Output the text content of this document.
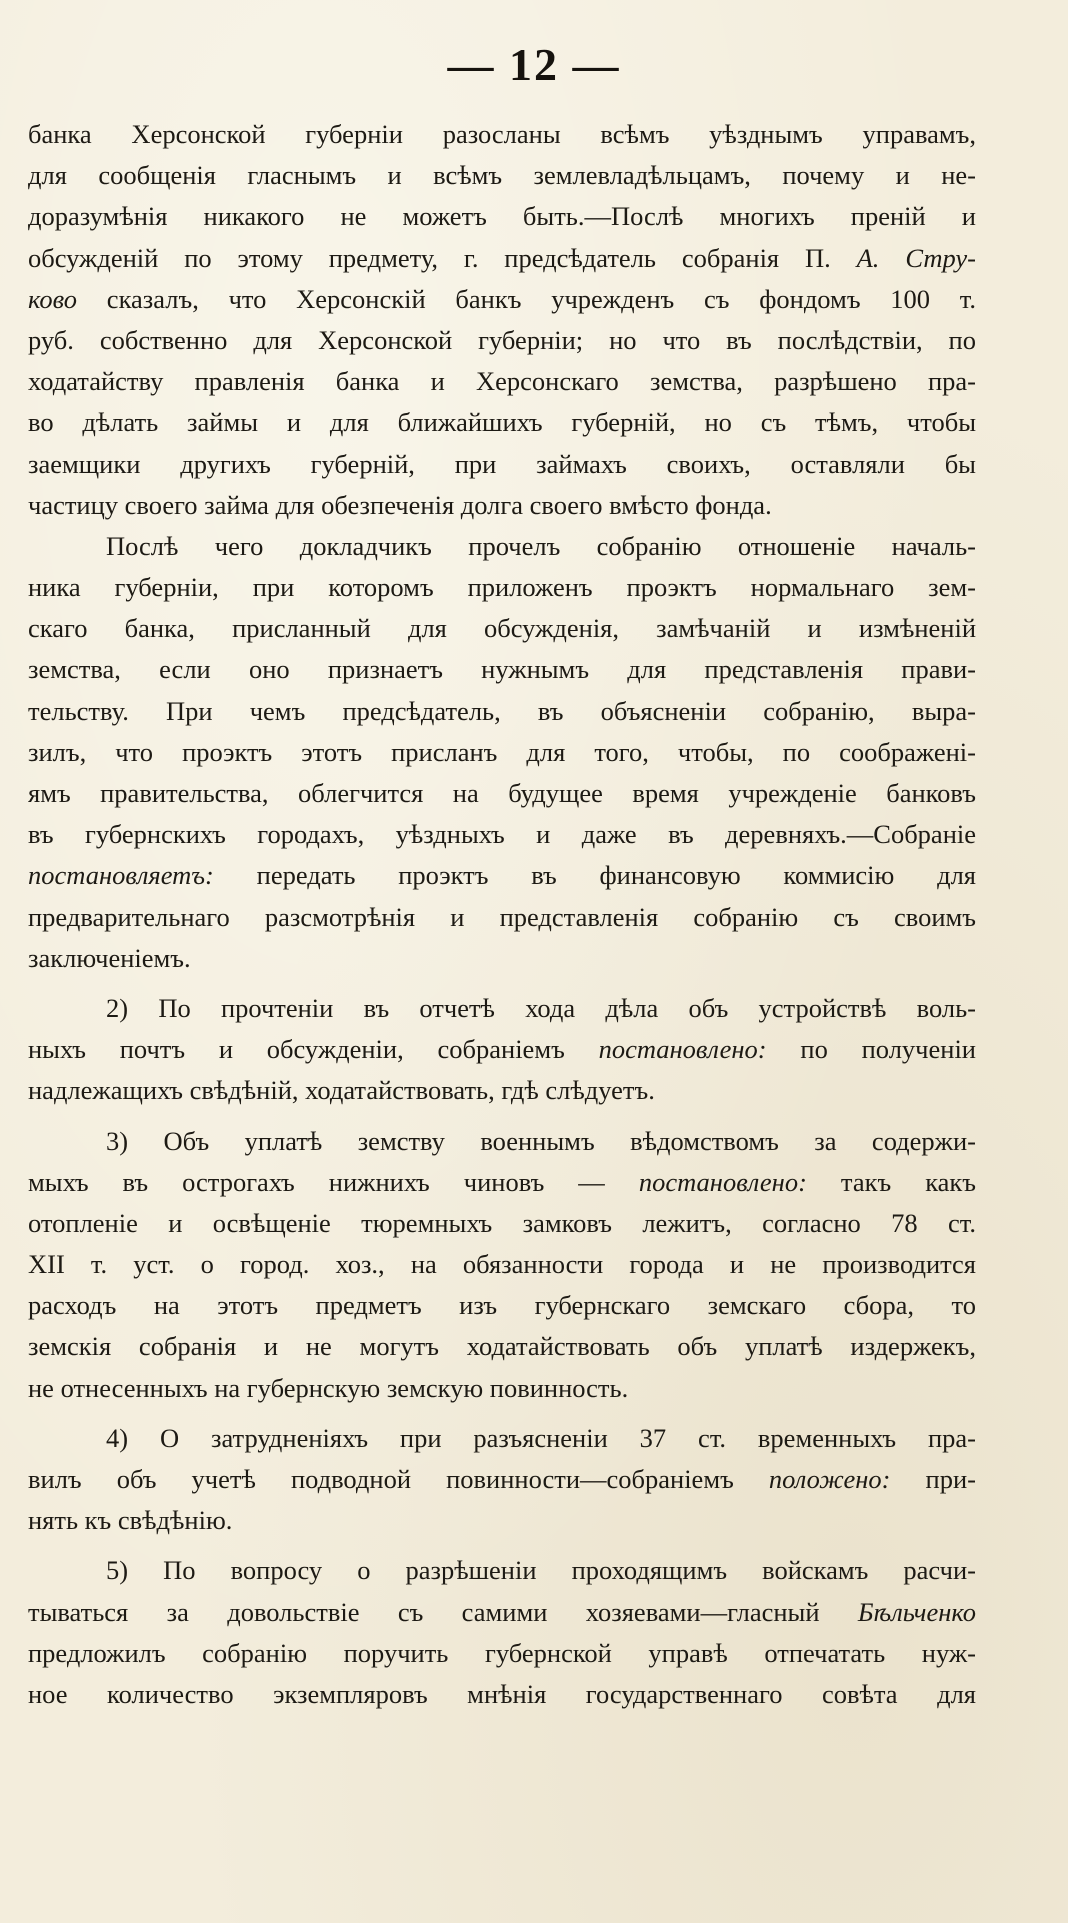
— 12 —
банка Херсонской губерніи разосланы всѣмъ уѣзднымъ управамъ,
для сообщенія гласнымъ и всѣмъ землевладѣльцамъ, почему и не-
доразумѣнія никакого не можетъ быть.—Послѣ многихъ преній и
обсужденій по этому предмету, г. предсѣдатель собранія П. А. Стру-
ково сказалъ, что Херсонскій банкъ учрежденъ съ фондомъ 100 т.
руб. собственно для Херсонской губерніи; но что въ послѣдствіи, по
ходатайству правленія банка и Херсонскаго земства, разрѣшено пра-
во дѣлать займы и для ближайшихъ губерній, но съ тѣмъ, чтобы
заемщики другихъ губерній, при займахъ своихъ, оставляли бы
частицу своего займа для обезпеченія долга своего вмѣсто фонда.
Послѣ чего докладчикъ прочелъ собранію отношеніе началь-
ника губерніи, при которомъ приложенъ проэктъ нормальнаго зем-
скаго банка, присланный для обсужденія, замѣчаній и измѣненій
земства, если оно признаетъ нужнымъ для представленія прави-
тельству. При чемъ предсѣдатель, въ объясненіи собранію, выра-
зилъ, что проэктъ этотъ присланъ для того, чтобы, по соображені-
ямъ правительства, облегчится на будущее время учрежденіе банковъ
въ губернскихъ городахъ, уѣздныхъ и даже въ деревняхъ.—Собраніе
постановляетъ: передать проэктъ въ финансовую коммисію для
предварительнаго разсмотрѣнія и представленія собранію съ своимъ
заключеніемъ.
2) По прочтеніи въ отчетѣ хода дѣла объ устройствѣ воль-
ныхъ почтъ и обсужденіи, собраніемъ постановлено: по полученіи
надлежащихъ свѣдѣній, ходатайствовать, гдѣ слѣдуетъ.
3) Объ уплатѣ земству военнымъ вѣдомствомъ за содержи-
мыхъ въ острогахъ нижнихъ чиновъ — постановлено: такъ какъ
отопленіе и освѣщеніе тюремныхъ замковъ лежитъ, согласно 78 ст.
XII т. уст. о город. хоз., на обязанности города и не производится
расходъ на этотъ предметъ изъ губернскаго земскаго сбора, то
земскія собранія и не могутъ ходатайствовать объ уплатѣ издержекъ,
не отнесенныхъ на губернскую земскую повинность.
4) О затрудненіяхъ при разъясненіи 37 ст. временныхъ пра-
вилъ объ учетѣ подводной повинности—собраніемъ положено: при-
нять къ свѣдѣнію.
5) По вопросу о разрѣшеніи проходящимъ войскамъ расчи-
тываться за довольствіе съ самими хозяевами—гласный Бѣльченко
предложилъ собранію поручить губернской управѣ отпечатать нуж-
ное количество экземпляровъ мнѣнія государственнаго совѣта для
